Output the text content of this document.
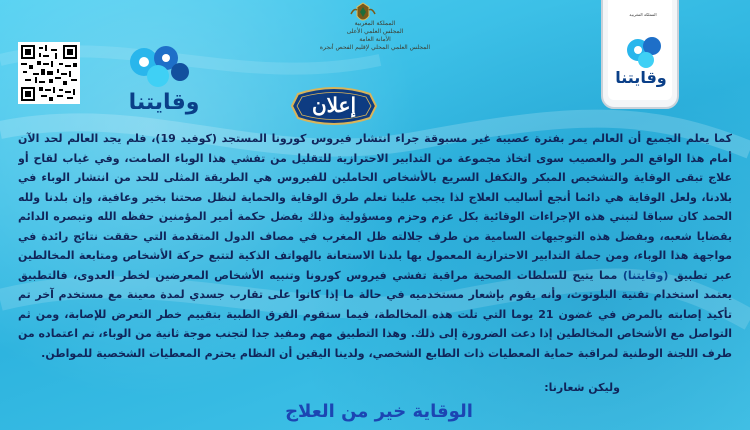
وقايتنا
المملكة المغربية
المجلس العلمي الأعلى
الأمانة العامة
المجلس العلمي المحلي لإقليم الفحص أنجرة
إعلان
المملكة المغربية
وقايتنا

كما يعلم الجميع أن العالم يمر بفترة عصيبة غير مسبوقة جراء انتشار فيروس كورونا المستجد (كوفيد 19)، فلم يجد العالم لحد الآن أمام هذا الواقع المر والعصيب سوى اتخاذ مجموعة من التدابير الاحترازية للتقليل من تفشي هذا الوباء الصامت، وفي غياب لقاح أو علاج تبقى الوقاية والتشخيص المبكر والتكفل السريع بالأشخاص الحاملين للفيروس هي الطريقة المثلى للحد من انتشار الوباء في بلادنا، ولعل الوقاية هي دائما أنجع أساليب العلاج لذا يجب علينا تعلم طرق الوقاية والحماية لنظل صحتنا بخير وعافية، وإن بلدنا ولله الحمد كان سباقا لتبني هذه الإجراءات الوقائية بكل عزم وحزم ومسؤولية وذلك بفضل حكمة أمير المؤمنين حفظه الله وتبصره الدائم بقضايا شعبه، وبفضل هذه التوجيهات السامية من طرف جلالته ظل المغرب في مصاف الدول المتقدمة التي حققت نتائج رائدة في مواجهة هذا الوباء، ومن جملة التدابير الاحترازية المعمول بها بلدنا الاستعانة بالهواتف الذكية لتتبع حركة الأشخاص ومتابعة المخالطين عبر تطبيق (وقايتنا) مما يتيح للسلطات الصحية مراقبة تفشي فيروس كورونا وتنبيه الأشخاص المعرضين لخطر العدوى، فالتطبيق يعتمد استخدام تقنية البلوتوث، وأنه يقوم بإشعار مستخدميه في حالة ما إذا كانوا على تقارب جسدي لمدة معينة مع مستخدم آخر تم تأكيد إصابته بالمرض في غضون 21 يوما التي تلت هذه المخالطة، فيما ستقوم الفرق الطبية بتقييم خطر التعرض للإصابة، ومن ثم التواصل مع الأشخاص المخالطين إذا دعت الضرورة إلى ذلك. وهذا التطبيق مهم ومفيد جدا لتجنب موجة ثانية من الوباء، تم اعتماده من طرف اللجنة الوطنية لمراقبة حماية المعطيات ذات الطابع الشخصي، ولدينا اليقين أن النظام يحترم المعطيات الشخصية للمواطن.

وليكن شعارنا:
الوقاية خير من العلاج
